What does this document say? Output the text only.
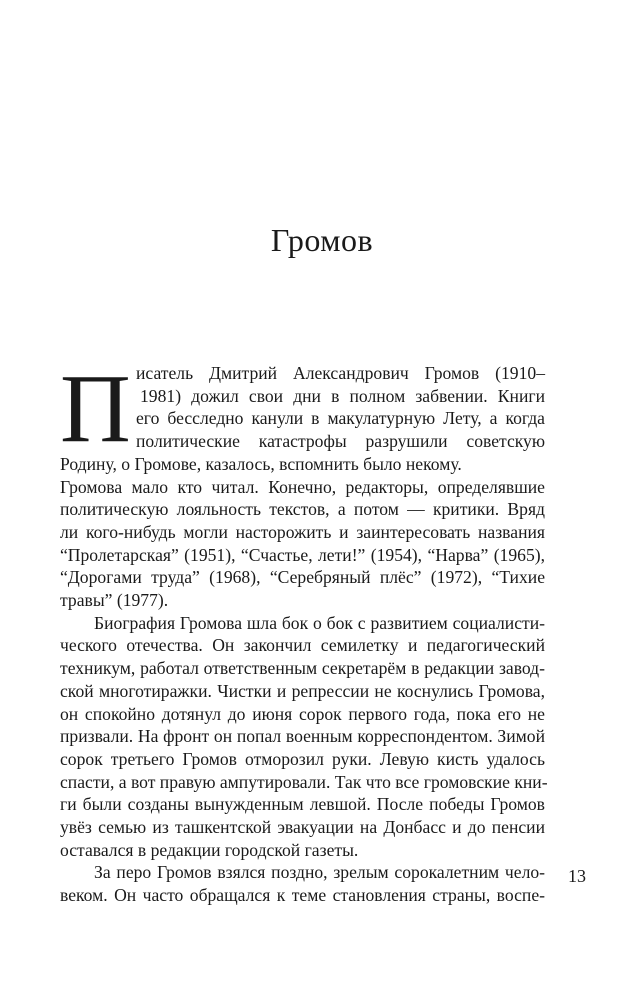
Громов
П исатель Дмитрий Александрович Громов (1910–
1981) дожил свои дни в полном забвении. Книги
его бесследно канули в макулатурную Лету, а когда
политические катастрофы разрушили советскую
Родину, о Громове, казалось, вспомнить было некому.
Громова мало кто читал. Конечно, редакторы, определявшие
политическую лояльность текстов, а потом — критики. Вряд
ли кого-нибудь могли насторожить и заинтересовать названия
“Пролетарская” (1951), “Счастье, лети!” (1954), “Нарва” (1965),
“Дорогами труда” (1968), “Серебряный плёс” (1972), “Тихие
травы” (1977).
Биография Громова шла бок о бок с развитием социалисти-
ческого отечества. Он закончил семилетку и педагогический
техникум, работал ответственным секретарём в редакции завод-
ской многотиражки. Чистки и репрессии не коснулись Громова,
он спокойно дотянул до июня сорок первого года, пока его не
призвали. На фронт он попал военным корреспондентом. Зимой
сорок третьего Громов отморозил руки. Левую кисть удалось
спасти, а вот правую ампутировали. Так что все громовские кни-
ги были созданы вынужденным левшой. После победы Громов
увёз семью из ташкентской эвакуации на Донбасс и до пенсии
оставался в редакции городской газеты.
За перо Громов взялся поздно, зрелым сорокалетним чело-
веком. Он часто обращался к теме становления страны, воспе-
13
